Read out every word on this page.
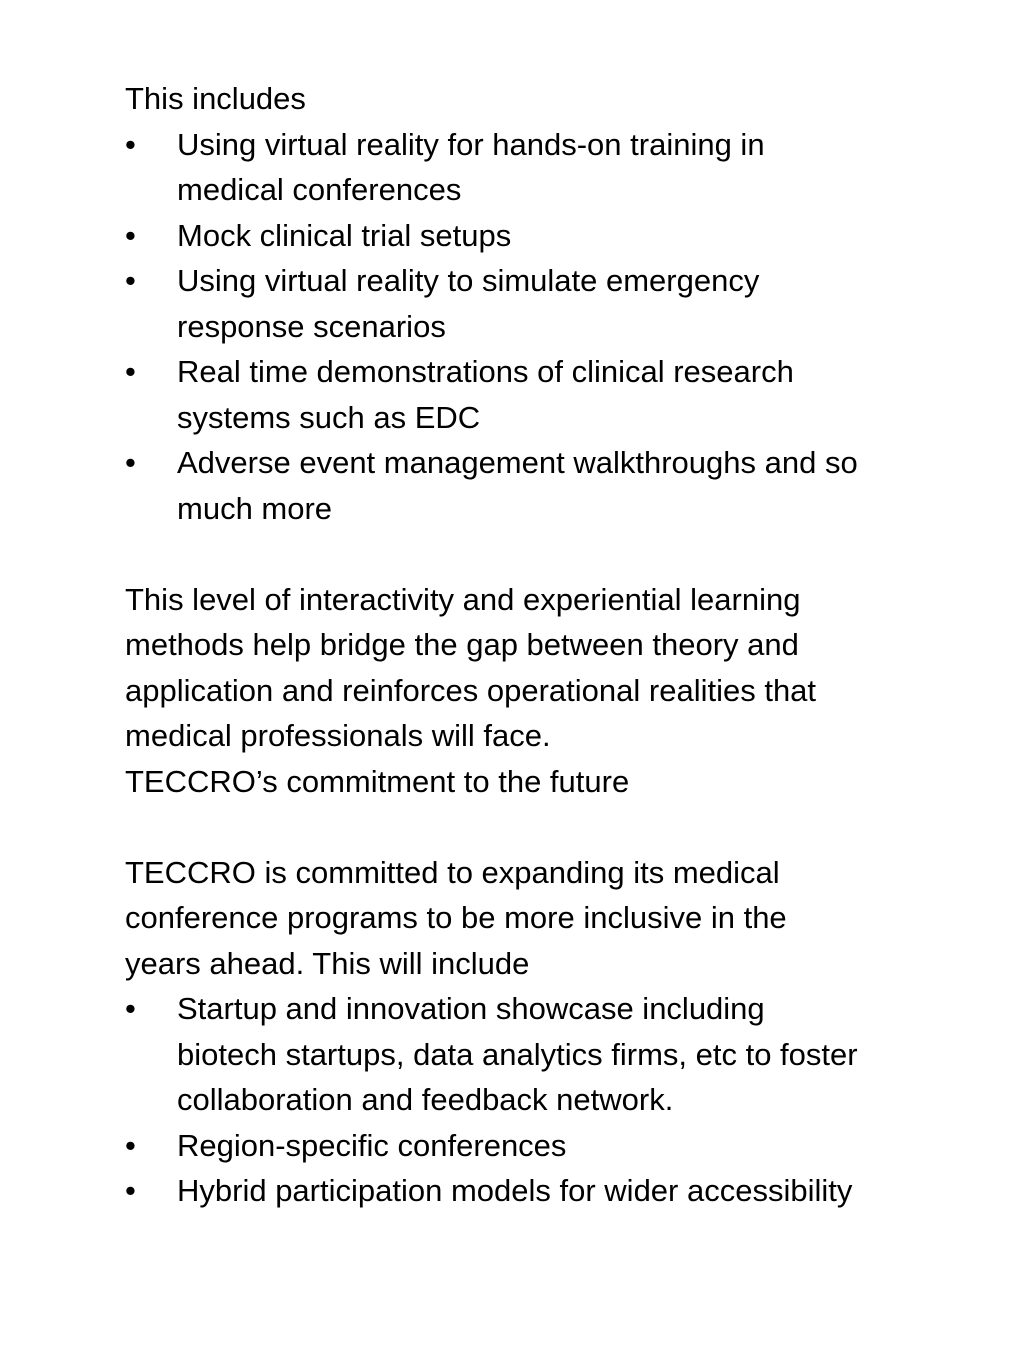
This includes

• Using virtual reality for hands-on training in medical conferences
• Mock clinical trial setups
• Using virtual reality to simulate emergency response scenarios
• Real time demonstrations of clinical research systems such as EDC
• Adverse event management walkthroughs and so much more

This level of interactivity and experiential learning methods help bridge the gap between theory and application and reinforces operational realities that medical professionals will face.

TECCRO’s commitment to the future

TECCRO is committed to expanding its medical conference programs to be more inclusive in the years ahead. This will include

• Startup and innovation showcase including biotech startups, data analytics firms, etc to foster collaboration and feedback network.
• Region-specific conferences
• Hybrid participation models for wider accessibility
